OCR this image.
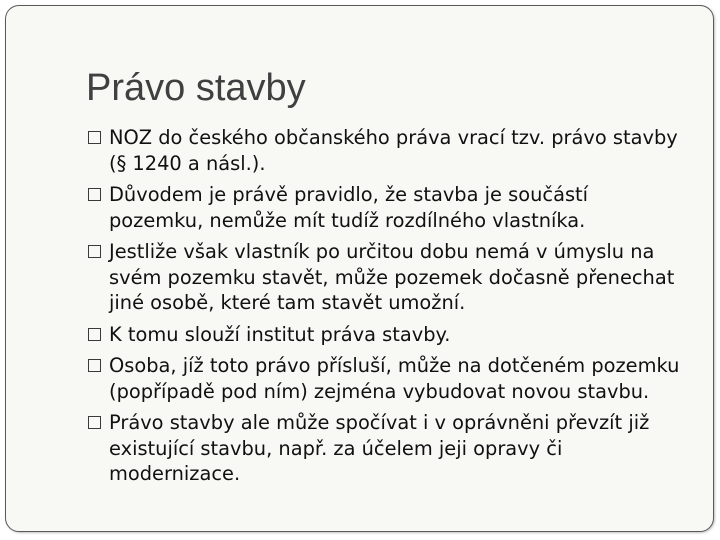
Právo stavby
NOZ do českého občanského práva vrací tzv. právo stavby (§ 1240 a násl.).
Důvodem je právě pravidlo, že stavba je součástí pozemku, nemůže mít tudíž rozdílného vlastníka.
Jestliže však vlastník po určitou dobu nemá v úmyslu na svém pozemku stavět, může pozemek dočasně přenechat jiné osobě, které tam stavět umožní.
K tomu slouží institut práva stavby.
Osoba, jíž toto právo přísluší, může na dotčeném pozemku (popřípadě pod ním) zejména vybudovat novou stavbu.
Právo stavby ale může spočívat i v oprávněni převzít již existující stavbu, např. za účelem jeji opravy či modernizace.
